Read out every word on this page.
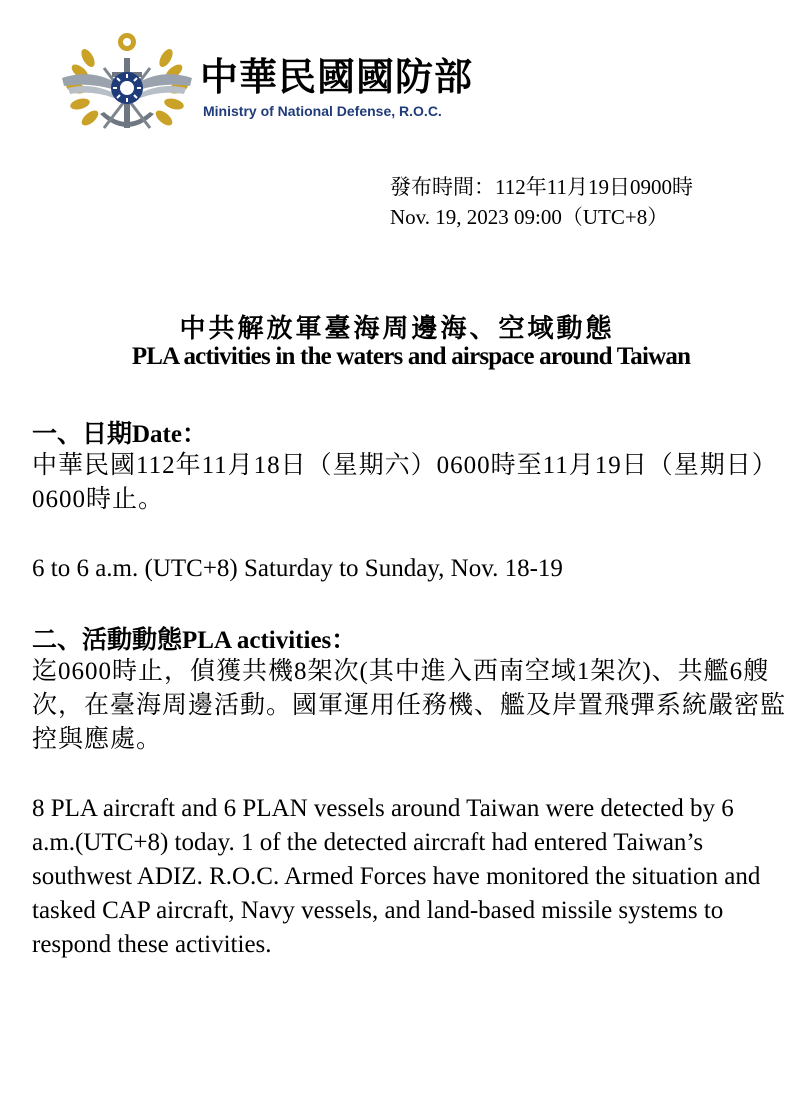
中華民國國防部
Ministry of National Defense, R.O.C.
發布時間：112年11月19日0900時
Nov. 19, 2023 09:00（UTC+8）
中共解放軍臺海周邊海、空域動態
PLA activities in the waters and airspace around Taiwan
一、日期Date：
中華民國112年11月18日（星期六）0600時至11月19日（星期日）0600時止。
6 to 6 a.m. (UTC+8) Saturday to Sunday, Nov. 18-19
二、活動動態PLA activities：
迄0600時止，偵獲共機8架次(其中進入西南空域1架次)、共艦6艘次，在臺海周邊活動。國軍運用任務機、艦及岸置飛彈系統嚴密監控與應處。
8 PLA aircraft and 6 PLAN vessels around Taiwan were detected by 6 a.m.(UTC+8) today. 1 of the detected aircraft had entered Taiwan’s southwest ADIZ. R.O.C. Armed Forces have monitored the situation and tasked CAP aircraft, Navy vessels, and land-based missile systems to respond these activities.
